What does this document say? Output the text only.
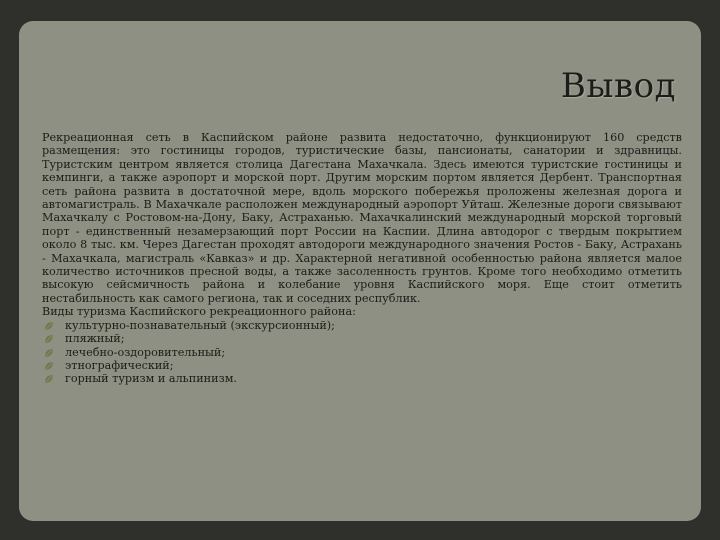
Вывод

Рекреационная сеть в Каспийском районе развита недостаточно, функционируют 160 средств размещения: это гостиницы городов, туристические базы, пансионаты, санатории и здравницы. Туристским центром является столица Дагестана Махачкала. Здесь имеются туристские гостиницы и кемпинги, а также аэропорт и морской порт. Другим морским портом является Дербент. Транспортная сеть района развита в достаточной мере, вдоль морского побережья проложены железная дорога и автомагистраль. В Махачкале расположен международный аэропорт Уйташ. Железные дороги связывают Махачкалу с Ростовом-на-Дону, Баку, Астраханью. Махачкалинский международный морской торговый порт - единственный незамерзающий порт России на Каспии. Длина автодорог с твердым покрытием около 8 тыс. км. Через Дагестан проходят автодороги международного значения Ростов - Баку, Астрахань - Махачкала, магистраль «Кавказ» и др. Характерной негативной особенностью района является малое количество источников пресной воды, а также засоленность грунтов. Кроме того необходимо отметить высокую сейсмичность района и колебание уровня Каспийского моря. Еще стоит отметить нестабильность как самого региона, так и соседних республик.

Виды туризма Каспийского рекреационного района:

культурно-познавательный (экскурсионный);
пляжный;
лечебно-оздоровительный;
этнографический;
горный туризм и альпинизм.
